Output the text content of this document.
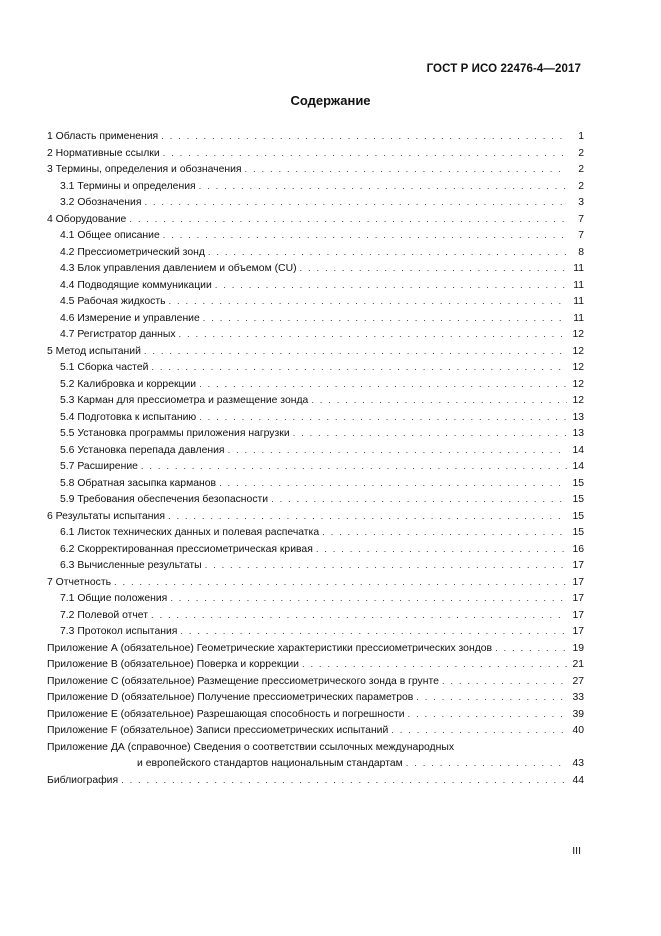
ГОСТ Р ИСО 22476-4—2017
Содержание
1 Область применения . . .	1
2 Нормативные ссылки . . .	2
3 Термины, определения и обозначения . . .	2
3.1 Термины и определения . . .	2
3.2 Обозначения . . .	3
4 Оборудование . . .	7
4.1 Общее описание . . .	7
4.2 Прессиометрический зонд . . .	8
4.3 Блок управления давлением и объемом (CU) . . .	11
4.4 Подводящие коммуникации . . .	11
4.5 Рабочая жидкость . . .	11
4.6 Измерение и управление . . .	11
4.7 Регистратор данных . . .	12
5 Метод испытаний . . .	12
5.1 Сборка частей . . .	12
5.2 Калибровка и коррекции . . .	12
5.3 Карман для прессиометра и размещение зонда . . .	12
5.4 Подготовка к испытанию . . .	13
5.5 Установка программы приложения нагрузки . . .	13
5.6 Установка перепада давления . . .	14
5.7 Расширение . . .	14
5.8 Обратная засыпка карманов . . .	15
5.9 Требования обеспечения безопасности . . .	15
6 Результаты испытания . . .	15
6.1 Листок технических данных и полевая распечатка . . .	15
6.2 Скорректированная прессиометрическая кривая . . .	16
6.3 Вычисленные результаты . . .	17
7 Отчетность . . .	17
7.1 Общие положения . . .	17
7.2 Полевой отчет . . .	17
7.3 Протокол испытания . . .	17
Приложение А (обязательное) Геометрические характеристики прессиометрических зондов . . .	19
Приложение В (обязательное) Поверка и коррекции . . .	21
Приложение С (обязательное) Размещение прессиометрического зонда в грунте . . .	27
Приложение D (обязательное) Получение прессиометрических параметров . . .	33
Приложение Е (обязательное) Разрешающая способность и погрешности . . .	39
Приложение F (обязательное) Записи прессиометрических испытаний . . .	40
Приложение ДА (справочное) Сведения о соответствии ссылочных международных
и европейского стандартов национальным стандартам . . .	43
Библиография . . .	44
III
